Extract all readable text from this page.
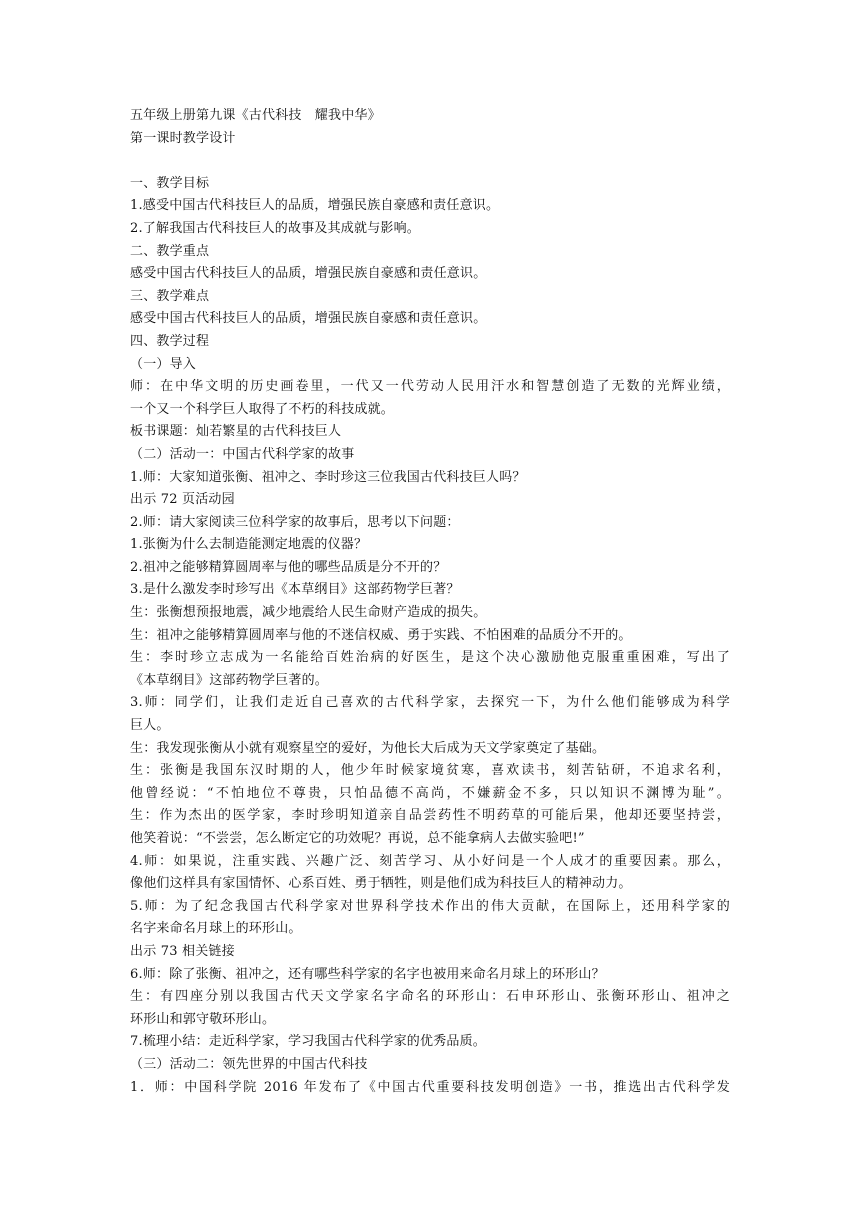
五年级上册第九课《古代科技　耀我中华》
第一课时教学设计
一、教学目标
1.感受中国古代科技巨人的品质，增强民族自豪感和责任意识。
2.了解我国古代科技巨人的故事及其成就与影响。
二、教学重点
感受中国古代科技巨人的品质，增强民族自豪感和责任意识。
三、教学难点
感受中国古代科技巨人的品质，增强民族自豪感和责任意识。
四、教学过程
（一）导入
师：在中华文明的历史画卷里，一代又一代劳动人民用汗水和智慧创造了无数的光辉业绩，
一个又一个科学巨人取得了不朽的科技成就。
板书课题：灿若繁星的古代科技巨人
（二）活动一：中国古代科学家的故事
1.师：大家知道张衡、祖冲之、李时珍这三位我国古代科技巨人吗？
出示 72 页活动园
2.师：请大家阅读三位科学家的故事后，思考以下问题：
1.张衡为什么去制造能测定地震的仪器？
2.祖冲之能够精算圆周率与他的哪些品质是分不开的？
3.是什么激发李时珍写出《本草纲目》这部药物学巨著？
生：张衡想预报地震，减少地震给人民生命财产造成的损失。
生：祖冲之能够精算圆周率与他的不迷信权威、勇于实践、不怕困难的品质分不开的。
生：李时珍立志成为一名能给百姓治病的好医生，是这个决心激励他克服重重困难，写出了
《本草纲目》这部药物学巨著的。
3.师：同学们，让我们走近自己喜欢的古代科学家，去探究一下，为什么他们能够成为科学
巨人。
生：我发现张衡从小就有观察星空的爱好，为他长大后成为天文学家奠定了基础。
生：张衡是我国东汉时期的人，他少年时候家境贫寒，喜欢读书，刻苦钻研，不追求名利，
他曾经说：“不怕地位不尊贵，只怕品德不高尚，不嫌薪金不多，只以知识不渊博为耻”。
生：作为杰出的医学家，李时珍明知道亲自品尝药性不明药草的可能后果，他却还要坚持尝，
他笑着说：“不尝尝，怎么断定它的功效呢？再说，总不能拿病人去做实验吧!”
4.师：如果说，注重实践、兴趣广泛、刻苦学习、从小好问是一个人成才的重要因素。那么，
像他们这样具有家国情怀、心系百姓、勇于牺牲，则是他们成为科技巨人的精神动力。
5.师：为了纪念我国古代科学家对世界科学技术作出的伟大贡献，在国际上，还用科学家的
名字来命名月球上的环形山。
出示 73 相关链接
6.师：除了张衡、祖冲之，还有哪些科学家的名字也被用来命名月球上的环形山？
生：有四座分别以我国古代天文学家名字命名的环形山：石申环形山、张衡环形山、祖冲之
环形山和郭守敬环形山。
7.梳理小结：走近科学家，学习我国古代科学家的优秀品质。
（三）活动二：领先世界的中国古代科技
1．师：中国科学院 2016 年发布了《中国古代重要科技发明创造》一书，推选出古代科学发
